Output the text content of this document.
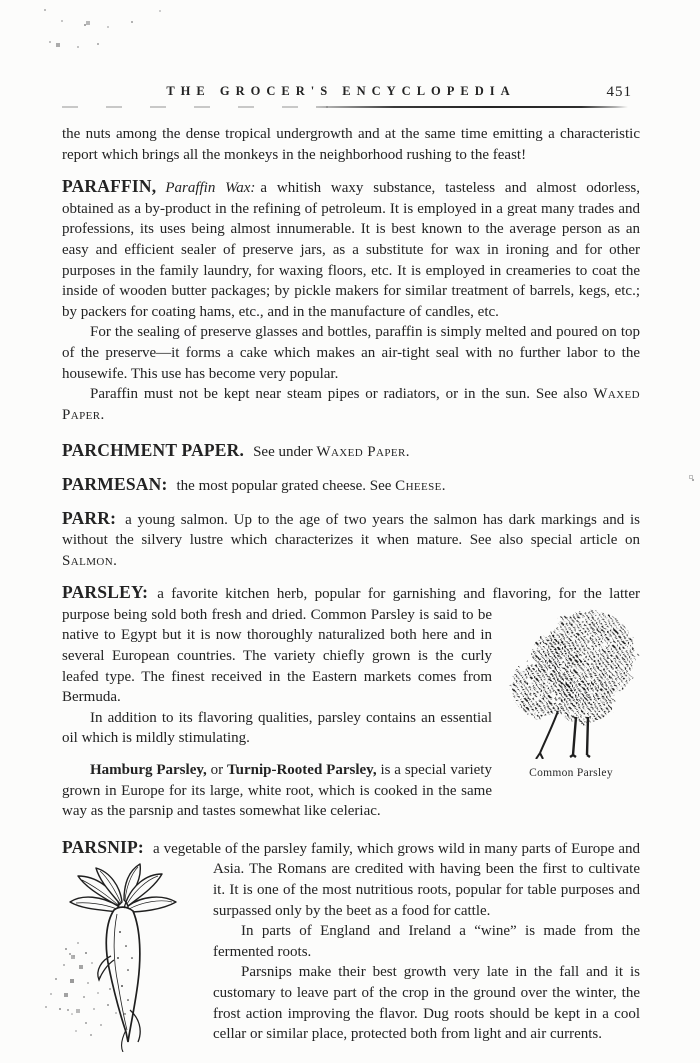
THE GROCER'S ENCYCLOPEDIA	451

the nuts among the dense tropical undergrowth and at the same time emitting a characteristic report which brings all the monkeys in the neighborhood rushing to the feast!

PARAFFIN, Paraffin Wax: a whitish waxy substance, tasteless and almost odorless, obtained as a by-product in the refining of petroleum. It is employed in a great many trades and professions, its uses being almost innumerable. It is best known to the average person as an easy and efficient sealer of preserve jars, as a substitute for wax in ironing and for other purposes in the family laundry, for waxing floors, etc. It is employed in creameries to coat the inside of wooden butter packages; by pickle makers for similar treatment of barrels, kegs, etc.; by packers for coating hams, etc., and in the manufacture of candles, etc.

For the sealing of preserve glasses and bottles, paraffin is simply melted and poured on top of the preserve—it forms a cake which makes an air-tight seal with no further labor to the housewife. This use has become very popular.

Paraffin must not be kept near steam pipes or radiators, or in the sun. See also Waxed Paper.

PARCHMENT PAPER. See under Waxed Paper.

PARMESAN: the most popular grated cheese. See Cheese.

PARR: a young salmon. Up to the age of two years the salmon has dark markings and is without the silvery lustre which characterizes it when mature. See also special article on Salmon.

PARSLEY: a favorite kitchen herb, popular for garnishing and flavoring, for the
Common Parsley
latter purpose being sold both fresh and dried. Common Parsley is said to be native to Egypt but it is now thoroughly naturalized both here and in several European countries. The variety chiefly grown is the curly leafed type. The finest received in the Eastern markets comes from Bermuda.

In addition to its flavoring qualities, parsley contains an essential oil which is mildly stimulating.

Hamburg Parsley, or Turnip-Rooted Parsley, is a special variety grown in Europe for its large, white root, which is cooked in the same way as the parsnip and tastes somewhat like celeriac.

PARSNIP: a vegetable of the parsley family, which grows wild in many parts of Europe and Asia. The Romans are credited with having been the first to cultivate it. It is one of the most nutritious roots, popular for table purposes and surpassed only by the beet as a food for cattle.

In parts of England and Ireland a “wine” is made from the fermented roots.

Parsnips make their best growth very late in the fall and it is customary to leave part of the crop in the ground over the winter, the frost action improving the flavor. Dug roots should be kept in a cool cellar or similar place, protected both from light and air currents.
